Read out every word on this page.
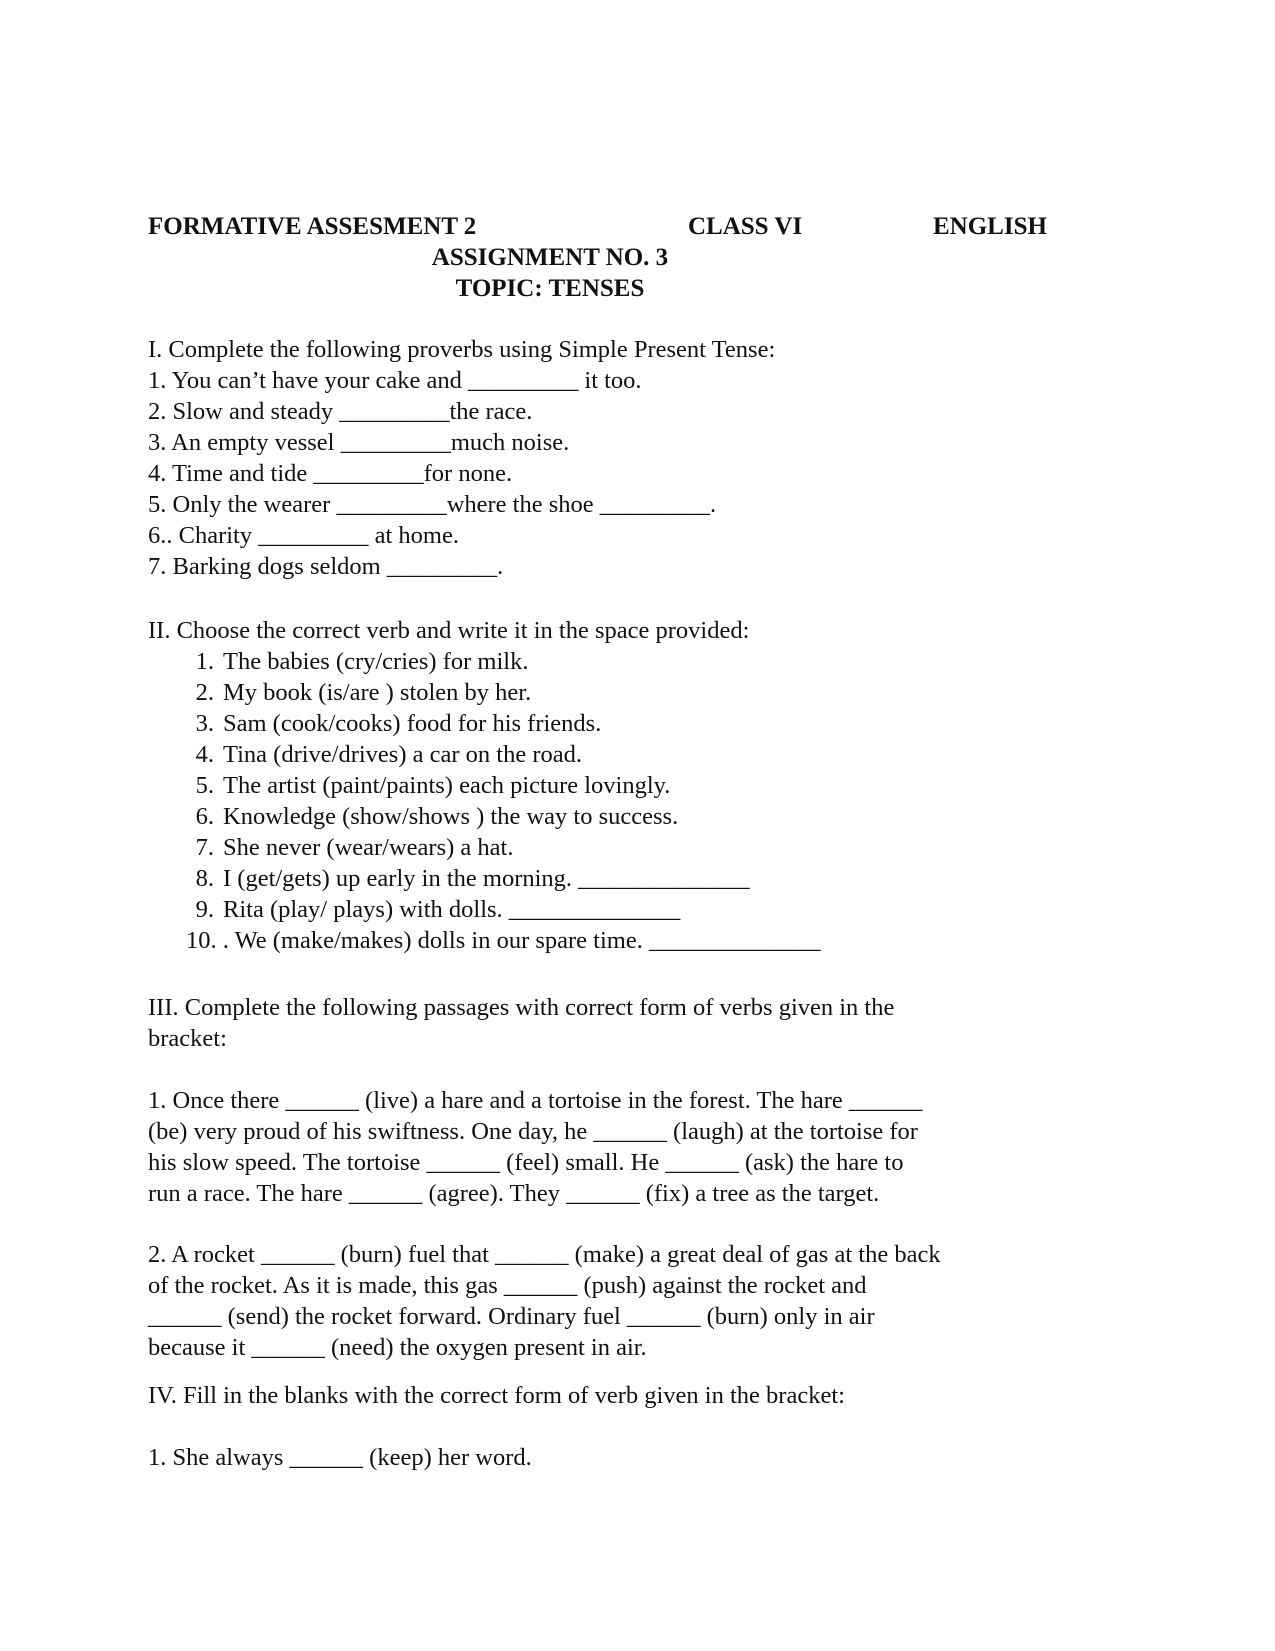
FORMATIVE ASSESMENT 2	CLASS VI	ENGLISH
ASSIGNMENT NO. 3
TOPIC: TENSES
I. Complete the following proverbs using Simple Present Tense:
1. You can’t have your cake and _________ it too.
2. Slow and steady _________the race.
3. An empty vessel _________much noise.
4. Time and tide _________for none.
5. Only the wearer _________where the shoe _________.
6.. Charity _________ at home.
7. Barking dogs seldom _________.
II. Choose the correct verb and write it in the space provided:
1. The babies (cry/cries) for milk.
2. My book (is/are ) stolen by her.
3. Sam (cook/cooks) food for his friends.
4. Tina (drive/drives) a car on the road.
5. The artist (paint/paints) each picture lovingly.
6. Knowledge (show/shows ) the way to success.
7. She never (wear/wears) a hat.
8. I (get/gets) up early in the morning. ______________
9. Rita (play/ plays) with dolls. ______________
10. . We (make/makes) dolls in our spare time. ______________
III. Complete the following passages with correct form of verbs given in the
bracket:
1. Once there ______ (live) a hare and a tortoise in the forest. The hare ______
(be) very proud of his swiftness. One day, he ______ (laugh) at the tortoise for
his slow speed. The tortoise ______ (feel) small. He ______ (ask) the hare to
run a race. The hare ______ (agree). They ______ (fix) a tree as the target.
2. A rocket ______ (burn) fuel that ______ (make) a great deal of gas at the back
of the rocket. As it is made, this gas ______ (push) against the rocket and
______ (send) the rocket forward. Ordinary fuel ______ (burn) only in air
because it ______ (need) the oxygen present in air.
IV. Fill in the blanks with the correct form of verb given in the bracket:
1. She always ______ (keep) her word.
